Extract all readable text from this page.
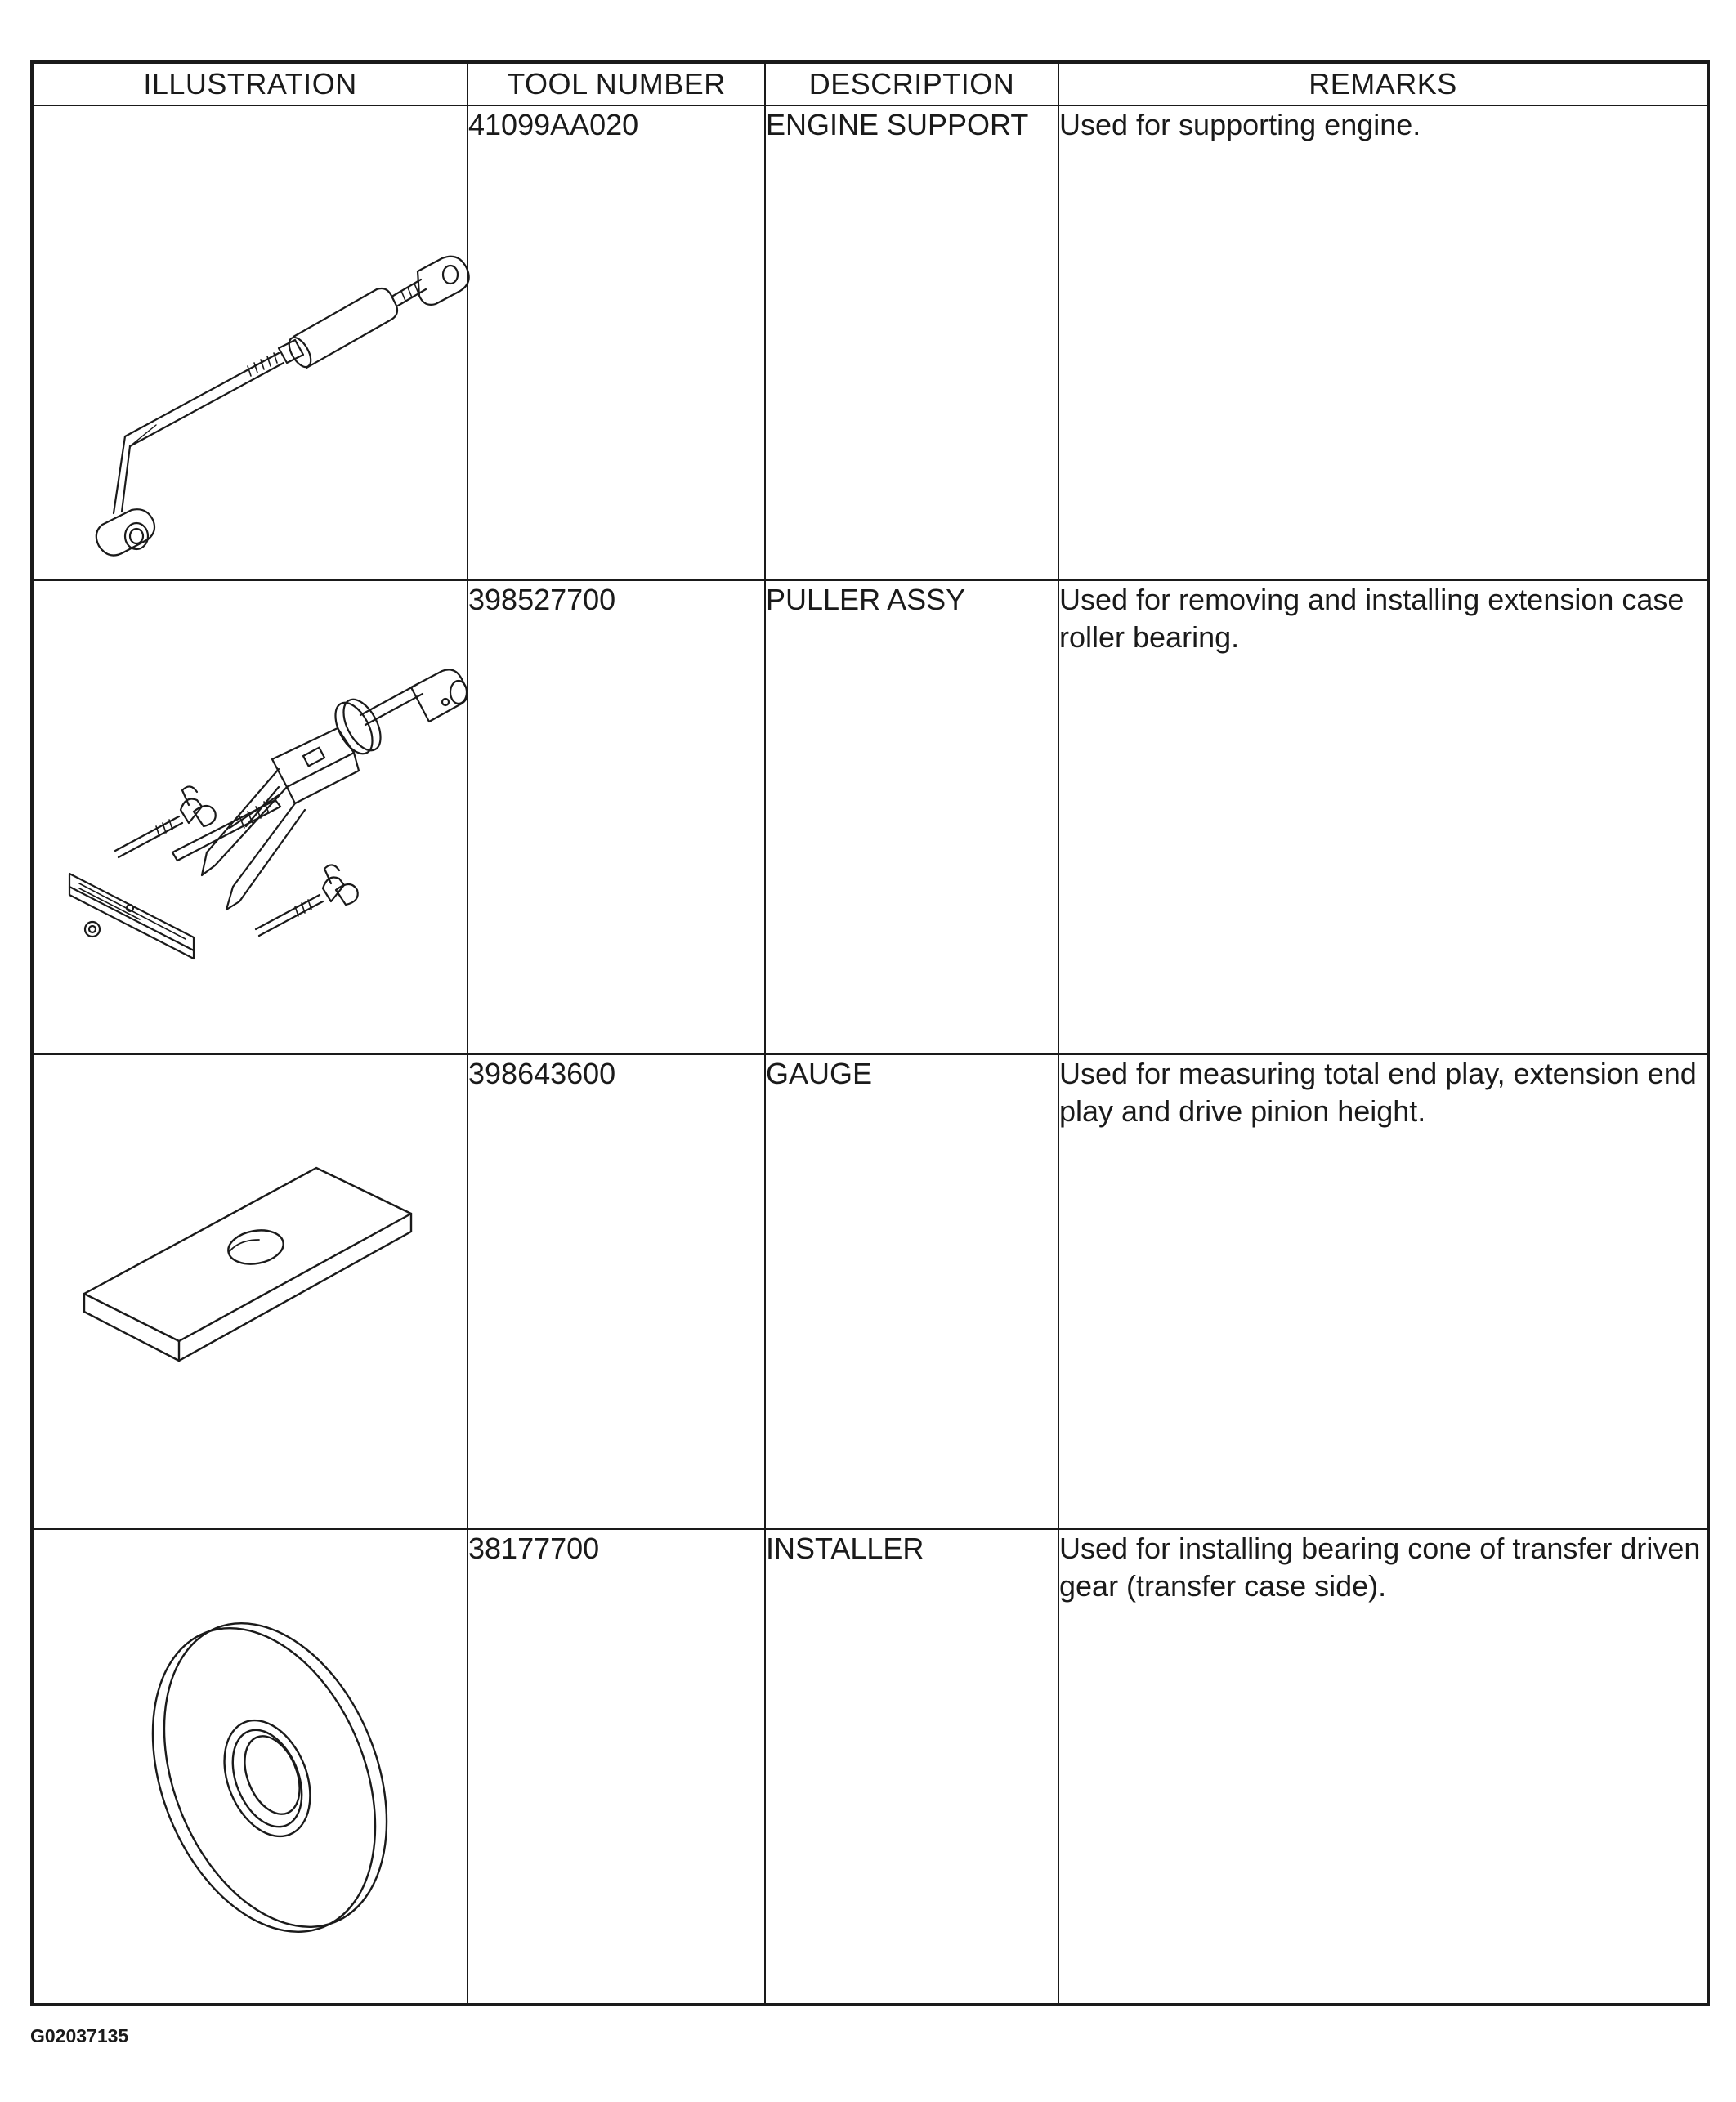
ILLUSTRATION	TOOL NUMBER	DESCRIPTION	REMARKS

	41099AA020	ENGINE SUPPORT	Used for supporting engine.

	398527700	PULLER ASSY	Used for removing and installing extension case roller bearing.

	398643600	GAUGE	Used for measuring total end play, extension end play and drive pinion height.

	38177700	INSTALLER	Used for installing bearing cone of transfer driven gear (transfer case side).
G02037135
